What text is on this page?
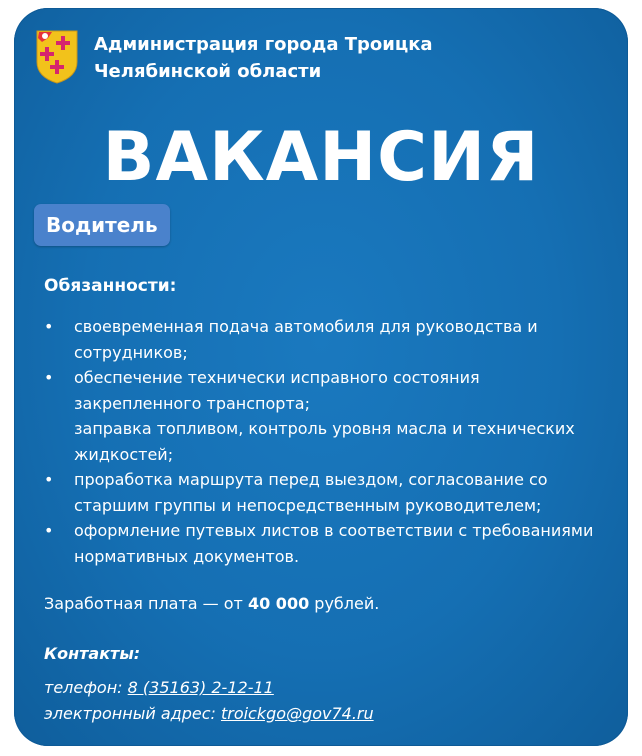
Администрация города Троицка
Челябинской области
ВАКАНСИЯ
Водитель
Обязанности:
• своевременная подача автомобиля для руководства и сотрудников;
• обеспечение технически исправного состояния закрепленного транспорта;
заправка топливом, контроль уровня масла и технических жидкостей;
• проработка маршрута перед выездом, согласование со старшим группы и непосредственным руководителем;
• оформление путевых листов в соответствии с требованиями нормативных документов.
Заработная плата — от 40 000 рублей.
Контакты:
телефон: 8 (35163) 2-12-11
электронный адрес: troickgo@gov74.ru
